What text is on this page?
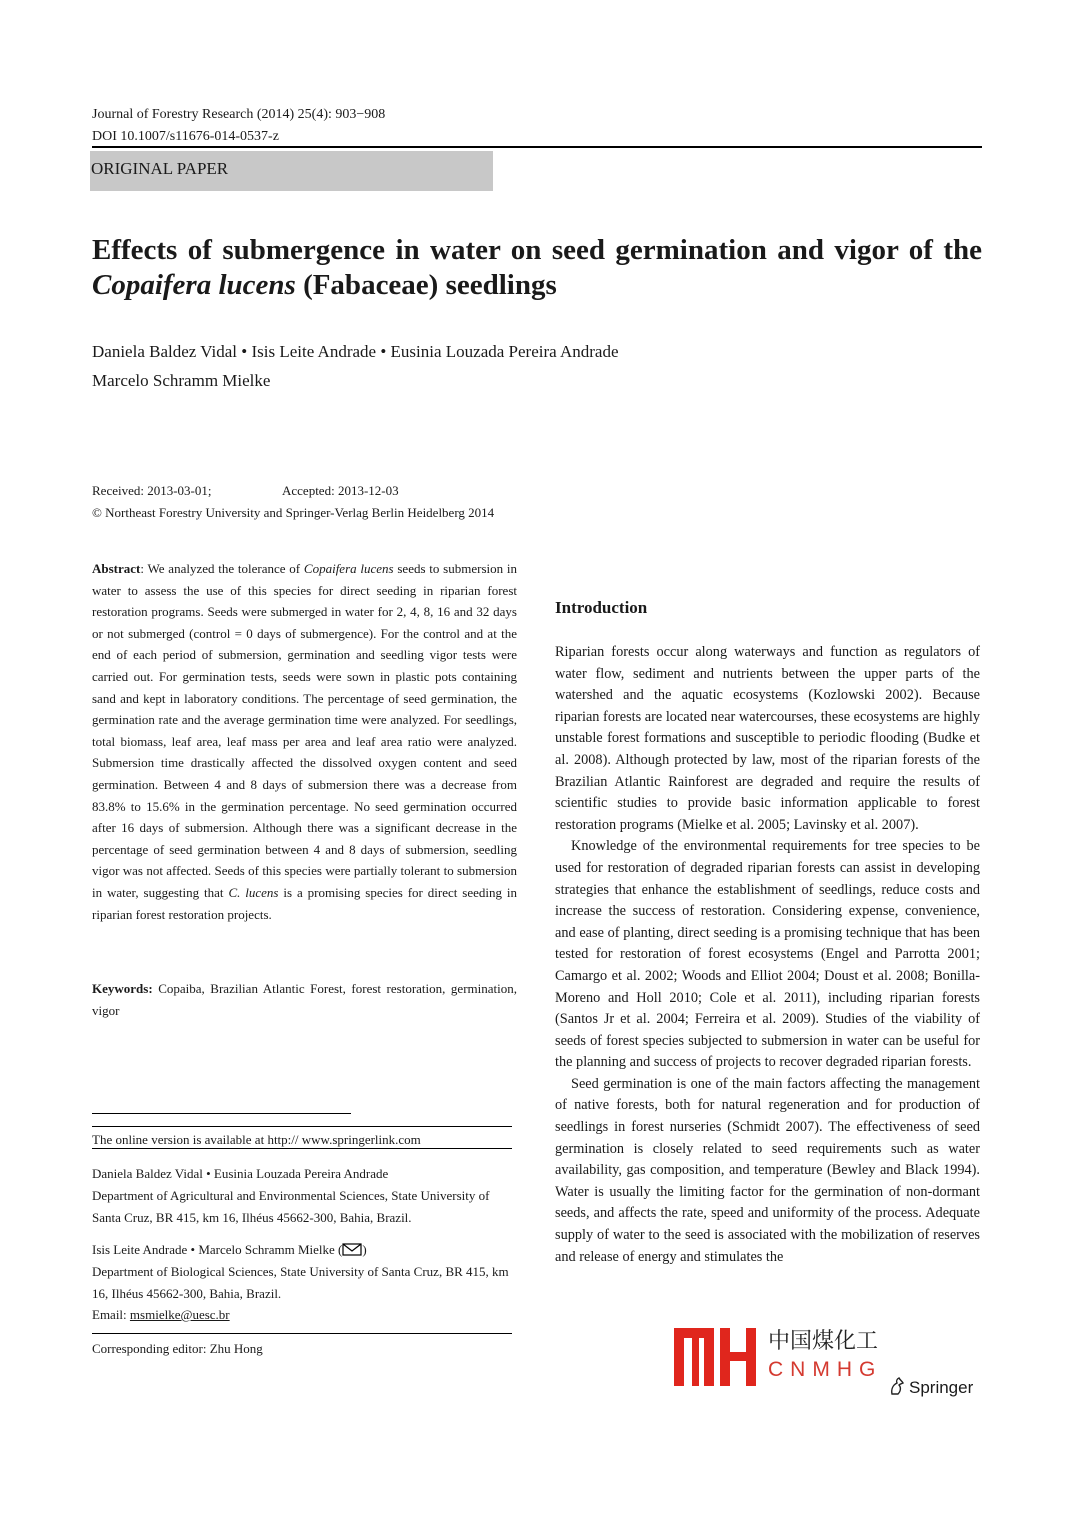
Journal of Forestry Research (2014) 25(4): 903−908
DOI 10.1007/s11676-014-0537-z
ORIGINAL PAPER
Effects of submergence in water on seed germination and vigor of the Copaifera lucens (Fabaceae) seedlings
Daniela Baldez Vidal • Isis Leite Andrade • Eusinia Louzada Pereira Andrade
Marcelo Schramm Mielke
Received: 2013-03-01;	Accepted: 2013-12-03
© Northeast Forestry University and Springer-Verlag Berlin Heidelberg 2014
Abstract: We analyzed the tolerance of Copaifera lucens seeds to submersion in water to assess the use of this species for direct seeding in riparian forest restoration programs. Seeds were submerged in water for 2, 4, 8, 16 and 32 days or not submerged (control = 0 days of submergence). For the control and at the end of each period of submersion, germination and seedling vigor tests were carried out. For germination tests, seeds were sown in plastic pots containing sand and kept in laboratory conditions. The percentage of seed germination, the germination rate and the average germination time were analyzed. For seedlings, total biomass, leaf area, leaf mass per area and leaf area ratio were analyzed. Submersion time drastically affected the dissolved oxygen content and seed germination. Between 4 and 8 days of submersion there was a decrease from 83.8% to 15.6% in the germination percentage. No seed germination occurred after 16 days of submersion. Although there was a significant decrease in the percentage of seed germination between 4 and 8 days of submersion, seedling vigor was not affected. Seeds of this species were partially tolerant to submersion in water, suggesting that C. lucens is a promising species for direct seeding in riparian forest restoration projects.
Keywords: Copaiba, Brazilian Atlantic Forest, forest restoration, germination, vigor
The online version is available at http:// www.springerlink.com
Daniela Baldez Vidal • Eusinia Louzada Pereira Andrade
Department of Agricultural and Environmental Sciences, State University of Santa Cruz, BR 415, km 16, Ilhéus 45662-300, Bahia, Brazil.
Isis Leite Andrade • Marcelo Schramm Mielke ( )
Department of Biological Sciences, State University of Santa Cruz, BR 415, km 16, Ilhéus 45662-300, Bahia, Brazil.
Email: msmielke@uesc.br
Corresponding editor: Zhu Hong
Introduction

Riparian forests occur along waterways and function as regulators of water flow, sediment and nutrients between the upper parts of the watershed and the aquatic ecosystems (Kozlowski 2002). Because riparian forests are located near watercourses, these ecosystems are highly unstable forest formations and susceptible to periodic flooding (Budke et al. 2008). Although protected by law, most of the riparian forests of the Brazilian Atlantic Rainforest are degraded and require the results of scientific studies to provide basic information applicable to forest restoration programs (Mielke et al. 2005; Lavinsky et al. 2007).

Knowledge of the environmental requirements for tree species to be used for restoration of degraded riparian forests can assist in developing strategies that enhance the establishment of seedlings, reduce costs and increase the success of restoration. Considering expense, convenience, and ease of planting, direct seeding is a promising technique that has been tested for restoration of forest ecosystems (Engel and Parrotta 2001; Camargo et al. 2002; Woods and Elliot 2004; Doust et al. 2008; Bonilla-Moreno and Holl 2010; Cole et al. 2011), including riparian forests (Santos Jr et al. 2004; Ferreira et al. 2009). Studies of the viability of seeds of forest species subjected to submersion in water can be useful for the planning and success of projects to recover degraded riparian forests.

Seed germination is one of the main factors affecting the management of native forests, both for natural regeneration and for production of seedlings in forest nurseries (Schmidt 2007). The effectiveness of seed germination is closely related to seed requirements such as water availability, gas composition, and temperature (Bewley and Black 1994). Water is usually the limiting factor for the germination of non-dormant seeds, and affects the rate, speed and uniformity of the process. Adequate supply of water to the seed is associated with the mobilization of reserves and release of energy and stimulates the

中国煤化工
CNMHG
Springer
